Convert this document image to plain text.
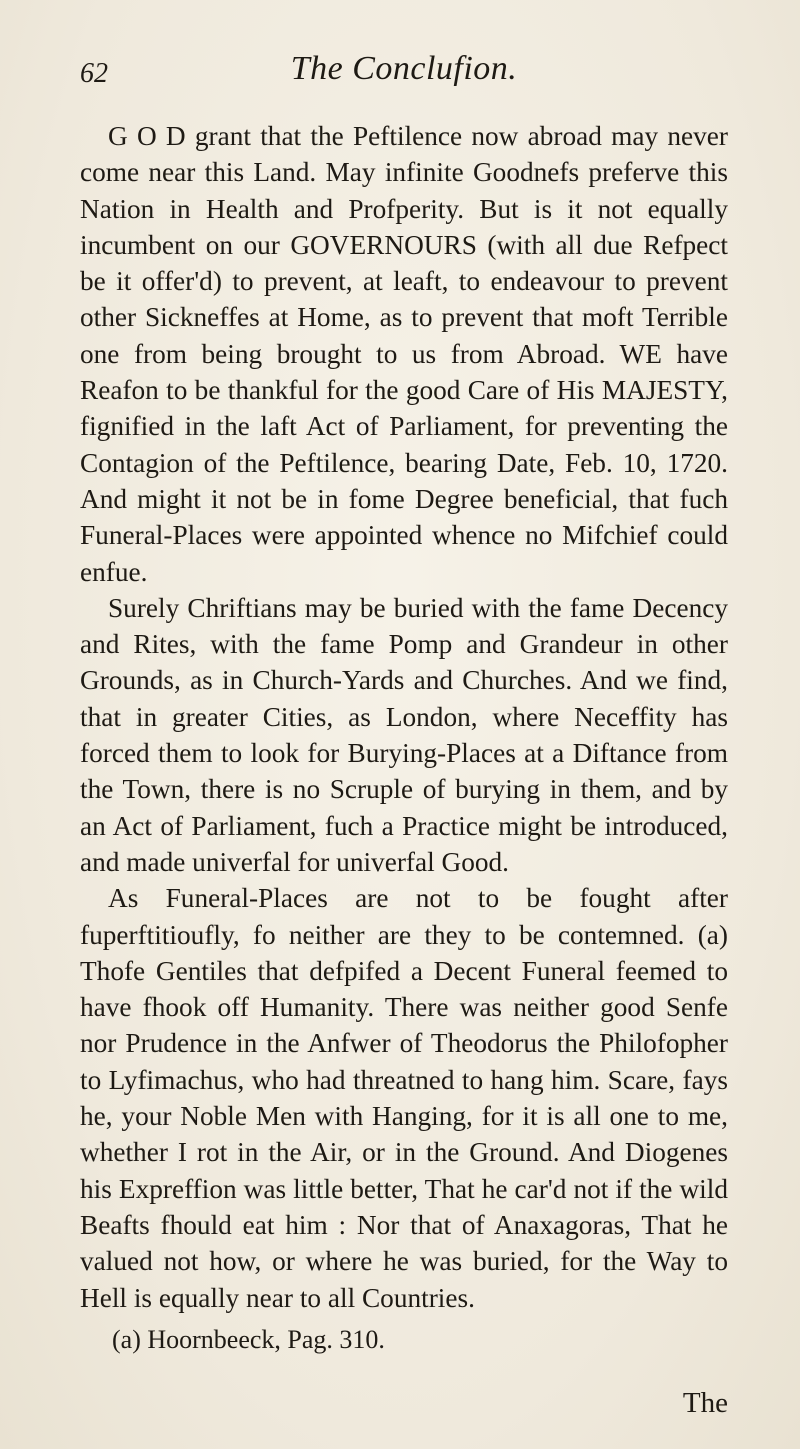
62	The Conclufion.

G O D grant that the Peftilence now abroad may never come near this Land. May infinite Goodnefs preferve this Nation in Health and Profperity. But is it not equally incumbent on our GOVERNOURS (with all due Refpect be it offer'd) to prevent, at leaft, to endeavour to prevent other Sickneffes at Home, as to prevent that moft Terrible one from being brought to us from Abroad. WE have Reafon to be thankful for the good Care of His MAJESTY, fignified in the laft Act of Parliament, for preventing the Contagion of the Peftilence, bearing Date, Feb. 10, 1720. And might it not be in fome Degree beneficial, that fuch Funeral-Places were appointed whence no Mifchief could enfue.

Surely Chriftians may be buried with the fame Decency and Rites, with the fame Pomp and Grandeur in other Grounds, as in Church-Yards and Churches. And we find, that in greater Cities, as London, where Neceffity has forced them to look for Burying-Places at a Diftance from the Town, there is no Scruple of burying in them, and by an Act of Parliament, fuch a Practice might be introduced, and made univerfal for univerfal Good.

As Funeral-Places are not to be fought after fuperftitioufly, fo neither are they to be contemned. (a) Thofe Gentiles that defpifed a Decent Funeral feemed to have fhook off Humanity. There was neither good Senfe nor Prudence in the Anfwer of Theodorus the Philofopher to Lyfimachus, who had threatned to hang him. Scare, fays he, your Noble Men with Hanging, for it is all one to me, whether I rot in the Air, or in the Ground. And Diogenes his Expreffion was little better, That he car'd not if the wild Beafts fhould eat him : Nor that of Anaxagoras, That he valued not how, or where he was buried, for the Way to Hell is equally near to all Countries.

(a) Hoornbeeck, Pag. 310.
The
